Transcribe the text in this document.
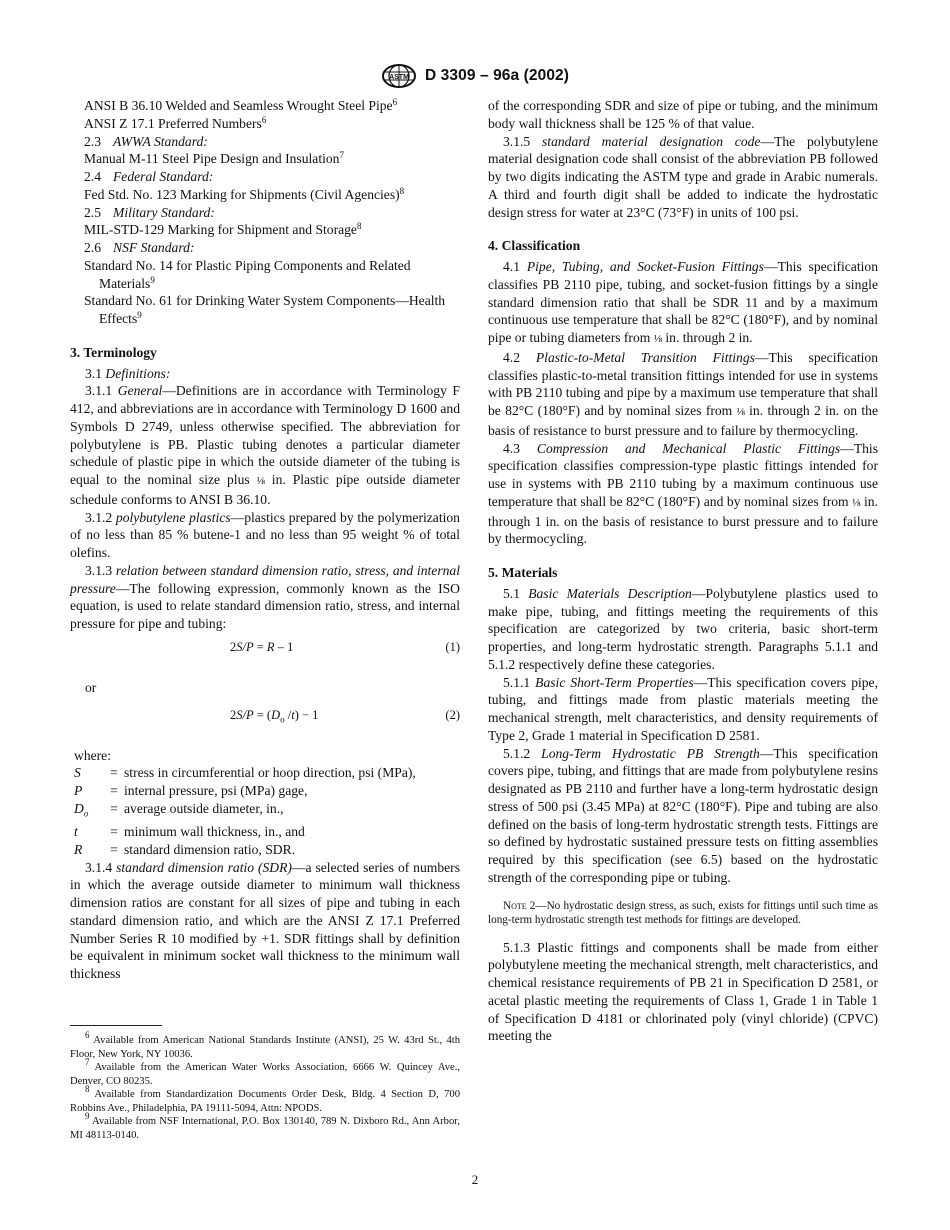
ASTM D 3309 – 96a (2002)
ANSI B 36.10 Welded and Seamless Wrought Steel Pipe$^6$
ANSI Z 17.1 Preferred Numbers$^6$
2.3 AWWA Standard:
Manual M-11 Steel Pipe Design and Insulation$^7$
2.4 Federal Standard:
Fed Std. No. 123 Marking for Shipments (Civil Agencies)$^8$
2.5 Military Standard:
MIL-STD-129 Marking for Shipment and Storage$^8$
2.6 NSF Standard:
Standard No. 14 for Plastic Piping Components and Related Materials$^9$
Standard No. 61 for Drinking Water System Components—Health Effects$^9$
3. Terminology

3.1 Definitions:

3.1.1 General—Definitions are in accordance with Terminology F 412, and abbreviations are in accordance with Terminology D 1600 and Symbols D 2749, unless otherwise specified. The abbreviation for polybutylene is PB. Plastic tubing denotes a particular diameter schedule of plastic pipe in which the outside diameter of the tubing is equal to the nominal size plus ⅛ in. Plastic pipe outside diameter schedule conforms to ANSI B 36.10.

3.1.2 polybutylene plastics—plastics prepared by the polymerization of no less than 85 % butene-1 and no less than 95 weight % of total olefins.

3.1.3 relation between standard dimension ratio, stress, and internal pressure—The following expression, commonly known as the ISO equation, is used to relate standard dimension ratio, stress, and internal pressure for pipe and tubing:

2S/P = R – 1	(1)
or
$2S/P = (D_o$ /t) − 1	(2)
where:
S	= stress in circumferential or hoop direction, psi (MPa),
P	= internal pressure, psi (MPa) gage,
$D_o$	= average outside diameter, in.,
t	= minimum wall thickness, in., and
R	= standard dimension ratio, SDR.

3.1.4 standard dimension ratio (SDR)—a selected series of numbers in which the average outside diameter to minimum wall thickness dimension ratios are constant for all sizes of pipe and tubing in each standard dimension ratio, and which are the ANSI Z 17.1 Preferred Number Series R 10 modified by +1. SDR fittings shall by definition be equivalent in minimum socket wall thickness to the minimum wall thickness

$^6$ Available from American National Standards Institute (ANSI), 25 W. 43rd St., 4th Floor, New York, NY 10036.
$^7$ Available from the American Water Works Association, 6666 W. Quincey Ave., Denver, CO 80235.
$^8$ Available from Standardization Documents Order Desk, Bldg. 4 Section D, 700 Robbins Ave., Philadelphia, PA 19111-5094, Attn: NPODS.
$^9$ Available from NSF International, P.O. Box 130140, 789 N. Dixboro Rd., Ann Arbor, MI 48113-0140.

of the corresponding SDR and size of pipe or tubing, and the minimum body wall thickness shall be 125 % of that value.

3.1.5 standard material designation code—The polybutylene material designation code shall consist of the abbreviation PB followed by two digits indicating the ASTM type and grade in Arabic numerals. A third and fourth digit shall be added to indicate the hydrostatic design stress for water at 23°C (73°F) in units of 100 psi.

4. Classification

4.1 Pipe, Tubing, and Socket-Fusion Fittings—This specification classifies PB 2110 pipe, tubing, and socket-fusion fittings by a single standard dimension ratio that shall be SDR 11 and by a maximum continuous use temperature that shall be 82°C (180°F), and by nominal pipe or tubing diameters from ⅛ in. through 2 in.

4.2 Plastic-to-Metal Transition Fittings—This specification classifies plastic-to-metal transition fittings intended for use in systems with PB 2110 tubing and pipe by a maximum use temperature that shall be 82°C (180°F) and by nominal sizes from ⅛ in. through 2 in. on the basis of resistance to burst pressure and to failure by thermocycling.

4.3 Compression and Mechanical Plastic Fittings—This specification classifies compression-type plastic fittings intended for use in systems with PB 2110 tubing by a maximum continuous use temperature that shall be 82°C (180°F) and by nominal sizes from ⅛ in. through 1 in. on the basis of resistance to burst pressure and to failure by thermocycling.

5. Materials

5.1 Basic Materials Description—Polybutylene plastics used to make pipe, tubing, and fittings meeting the requirements of this specification are categorized by two criteria, basic short-term properties, and long-term hydrostatic strength. Paragraphs 5.1.1 and 5.1.2 respectively define these categories.

5.1.1 Basic Short-Term Properties—This specification covers pipe, tubing, and fittings made from plastic materials meeting the mechanical strength, melt characteristics, and density requirements of Type 2, Grade 1 material in Specification D 2581.

5.1.2 Long-Term Hydrostatic PB Strength—This specification covers pipe, tubing, and fittings that are made from polybutylene resins designated as PB 2110 and further have a long-term hydrostatic design stress of 500 psi (3.45 MPa) at 82°C (180°F). Pipe and tubing are also defined on the basis of long-term hydrostatic strength tests. Fittings are so defined by hydrostatic sustained pressure tests on fitting assemblies required by this specification (see 6.5) based on the hydrostatic strength of the corresponding pipe or tubing.

Note 2—No hydrostatic design stress, as such, exists for fittings until such time as long-term hydrostatic strength test methods for fittings are developed.

5.1.3 Plastic fittings and components shall be made from either polybutylene meeting the mechanical strength, melt characteristics, and chemical resistance requirements of PB 21 in Specification D 2581, or acetal plastic meeting the requirements of Class 1, Grade 1 in Table 1 of Specification D 4181 or chlorinated poly (vinyl chloride) (CPVC) meeting the

2
